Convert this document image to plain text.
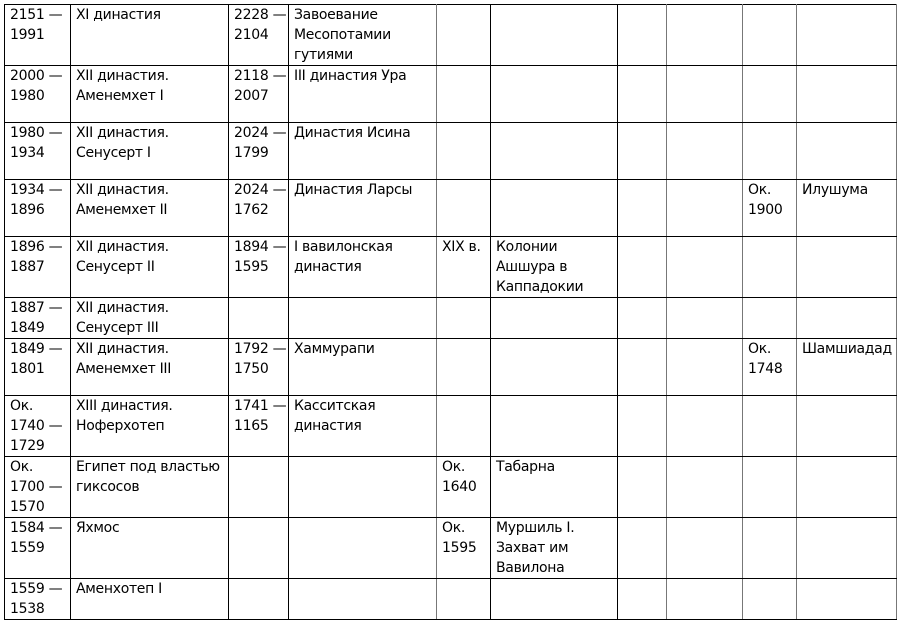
2151 — 1991	XI династия	2228 — 2104	Завоевание Месопотамии гутиями						

2000 — 1980	XII династия. Аменемхет I	2118 — 2007	III династия Ура						

1980 — 1934	XII династия. Сенусерт I	2024 — 1799	Династия Исина						

1934 — 1896	XII династия. Аменемхет II	2024 — 1762	Династия Ларсы					Ок. 1900	Илушума

1896 — 1887	XII династия. Сенусерт II	1894 — 1595	I вавилонская династия	XIX в.	Колонии Ашшура в Каппадокии				

1887 — 1849	XII династия. Сенусерт III								

1849 — 1801	XII династия. Аменемхет III	1792 — 1750	Хаммурапи					Ок. 1748	Шамшиадад

Ок. 1740 — 1729	XIII династия. Ноферхотеп	1741 — 1165	Касситская династия						

Ок. 1700 — 1570	Египет под властью гиксосов			Ок. 1640	Табарна				

1584 — 1559	Яхмос			Ок. 1595	Муршиль I. Захват им Вавилона				

1559 — 1538	Аменхотеп I								
